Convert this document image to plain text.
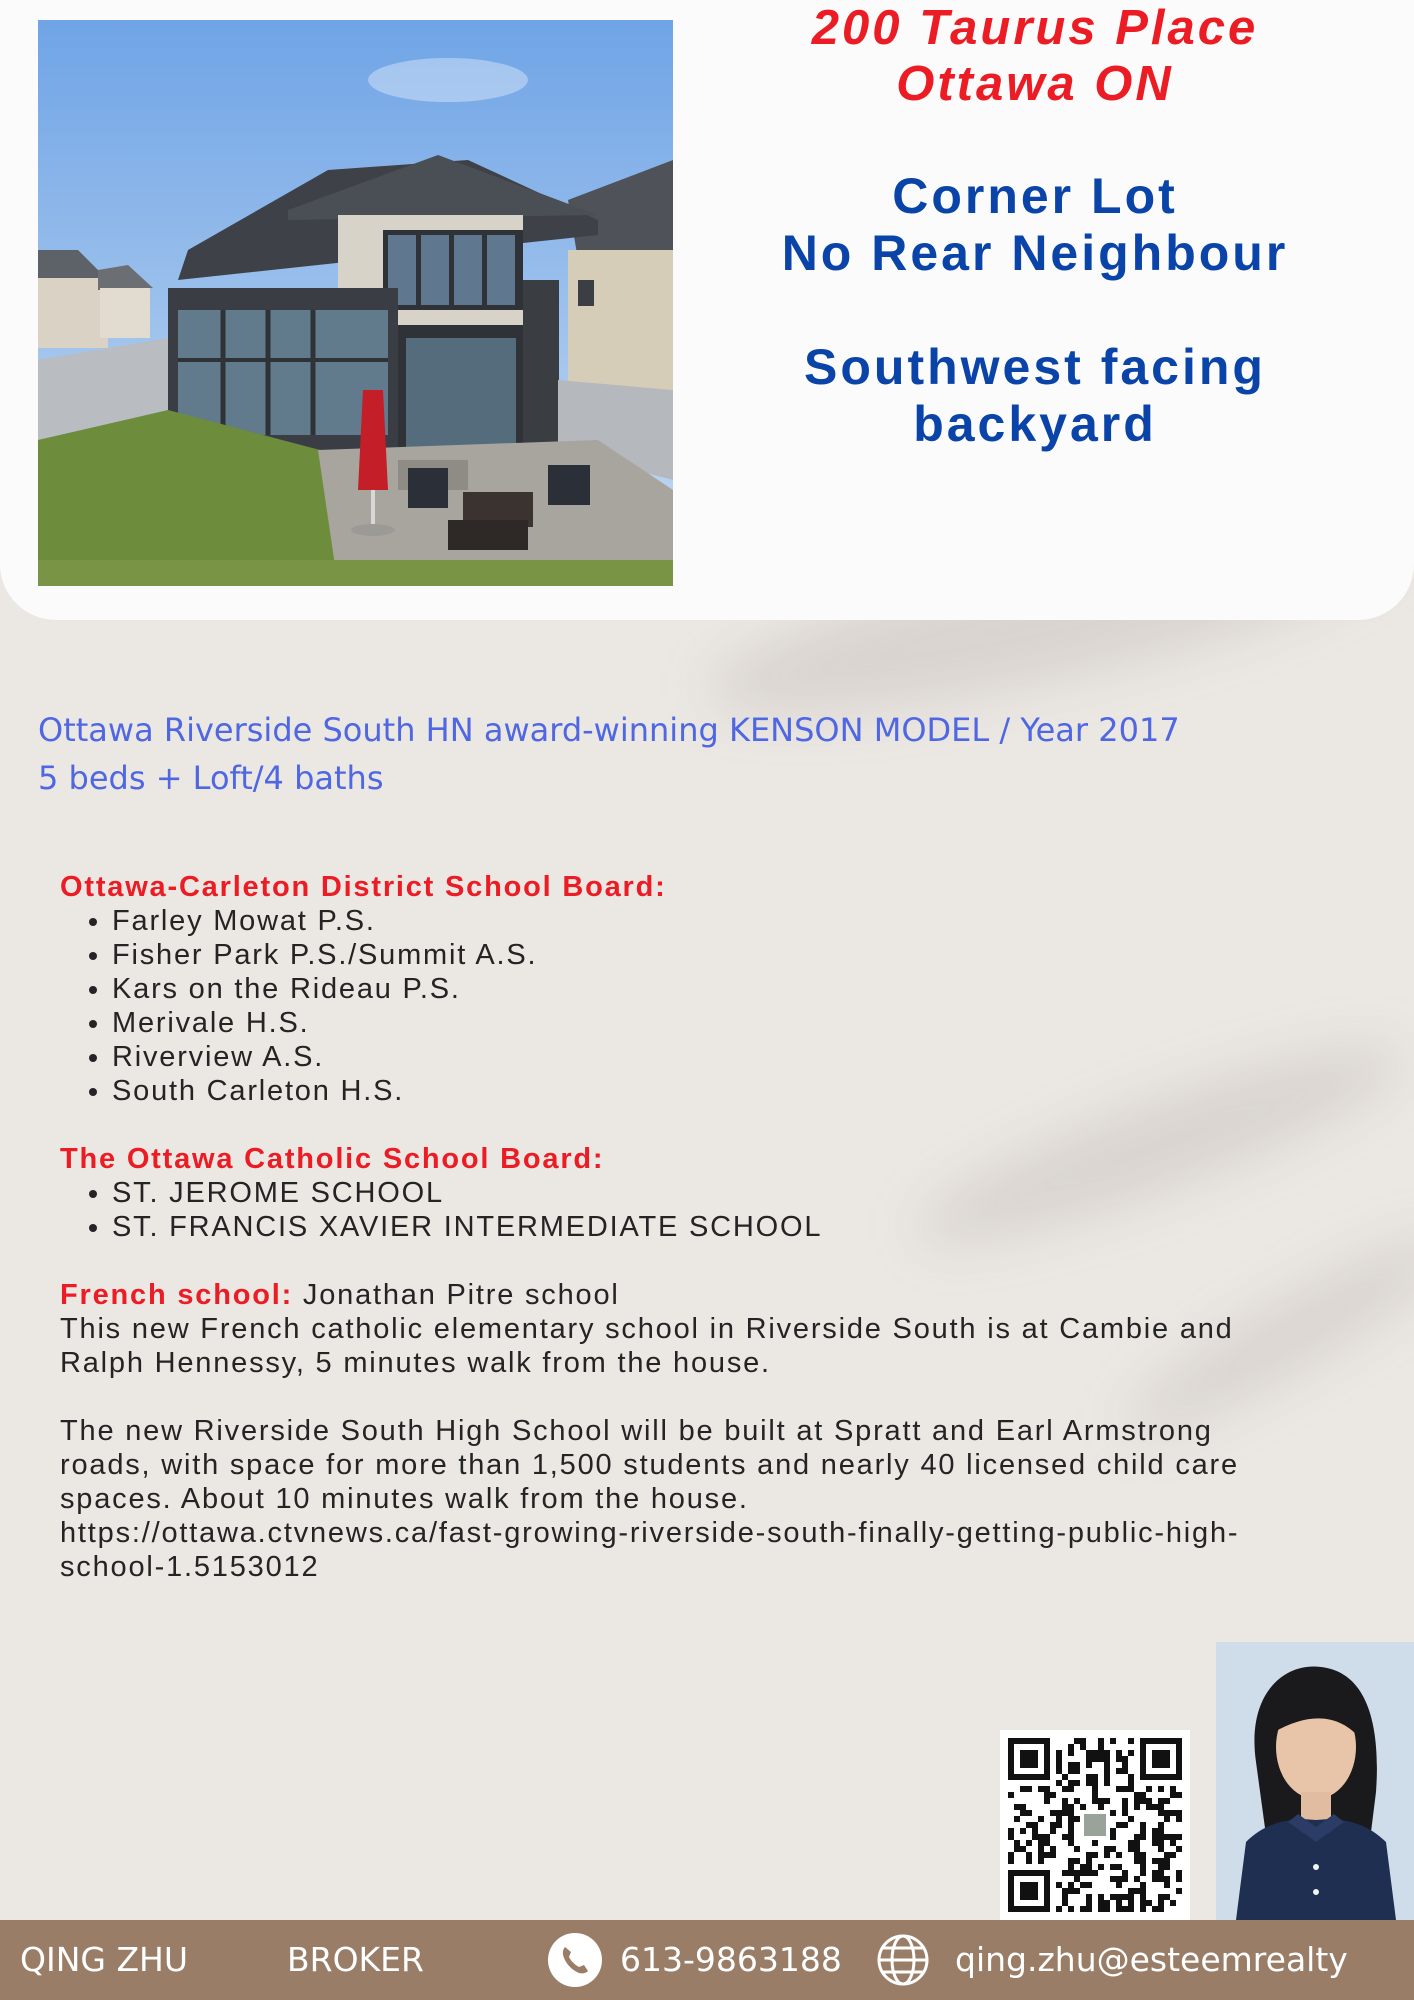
200 Taurus Place

Ottawa ON

Corner Lot

No Rear Neighbour

Southwest facing

backyard

Ottawa Riverside South HN award-winning KENSON MODEL / Year 2017
5 beds + Loft/4 baths
Ottawa-Carleton District School Board:
• Farley Mowat P.S.
• Fisher Park P.S./Summit A.S.
• Kars on the Rideau P.S.
• Merivale H.S.
• Riverview A.S.
• South Carleton H.S.
The Ottawa Catholic School Board:
• ST. JEROME SCHOOL
• ST. FRANCIS XAVIER INTERMEDIATE SCHOOL
French school: Jonathan Pitre school
This new French catholic elementary school in Riverside South is at Cambie and
Ralph Hennessy, 5 minutes walk from the house.
The new Riverside South High School will be built at Spratt and Earl Armstrong
roads, with space for more than 1,500 students and nearly 40 licensed child care
spaces. About 10 minutes walk from the house.
https://ottawa.ctvnews.ca/fast-growing-riverside-south-finally-getting-public-high-
school-1.5153012
QING ZHU	BROKER	613-9863188	qing.zhu@esteemrealty
